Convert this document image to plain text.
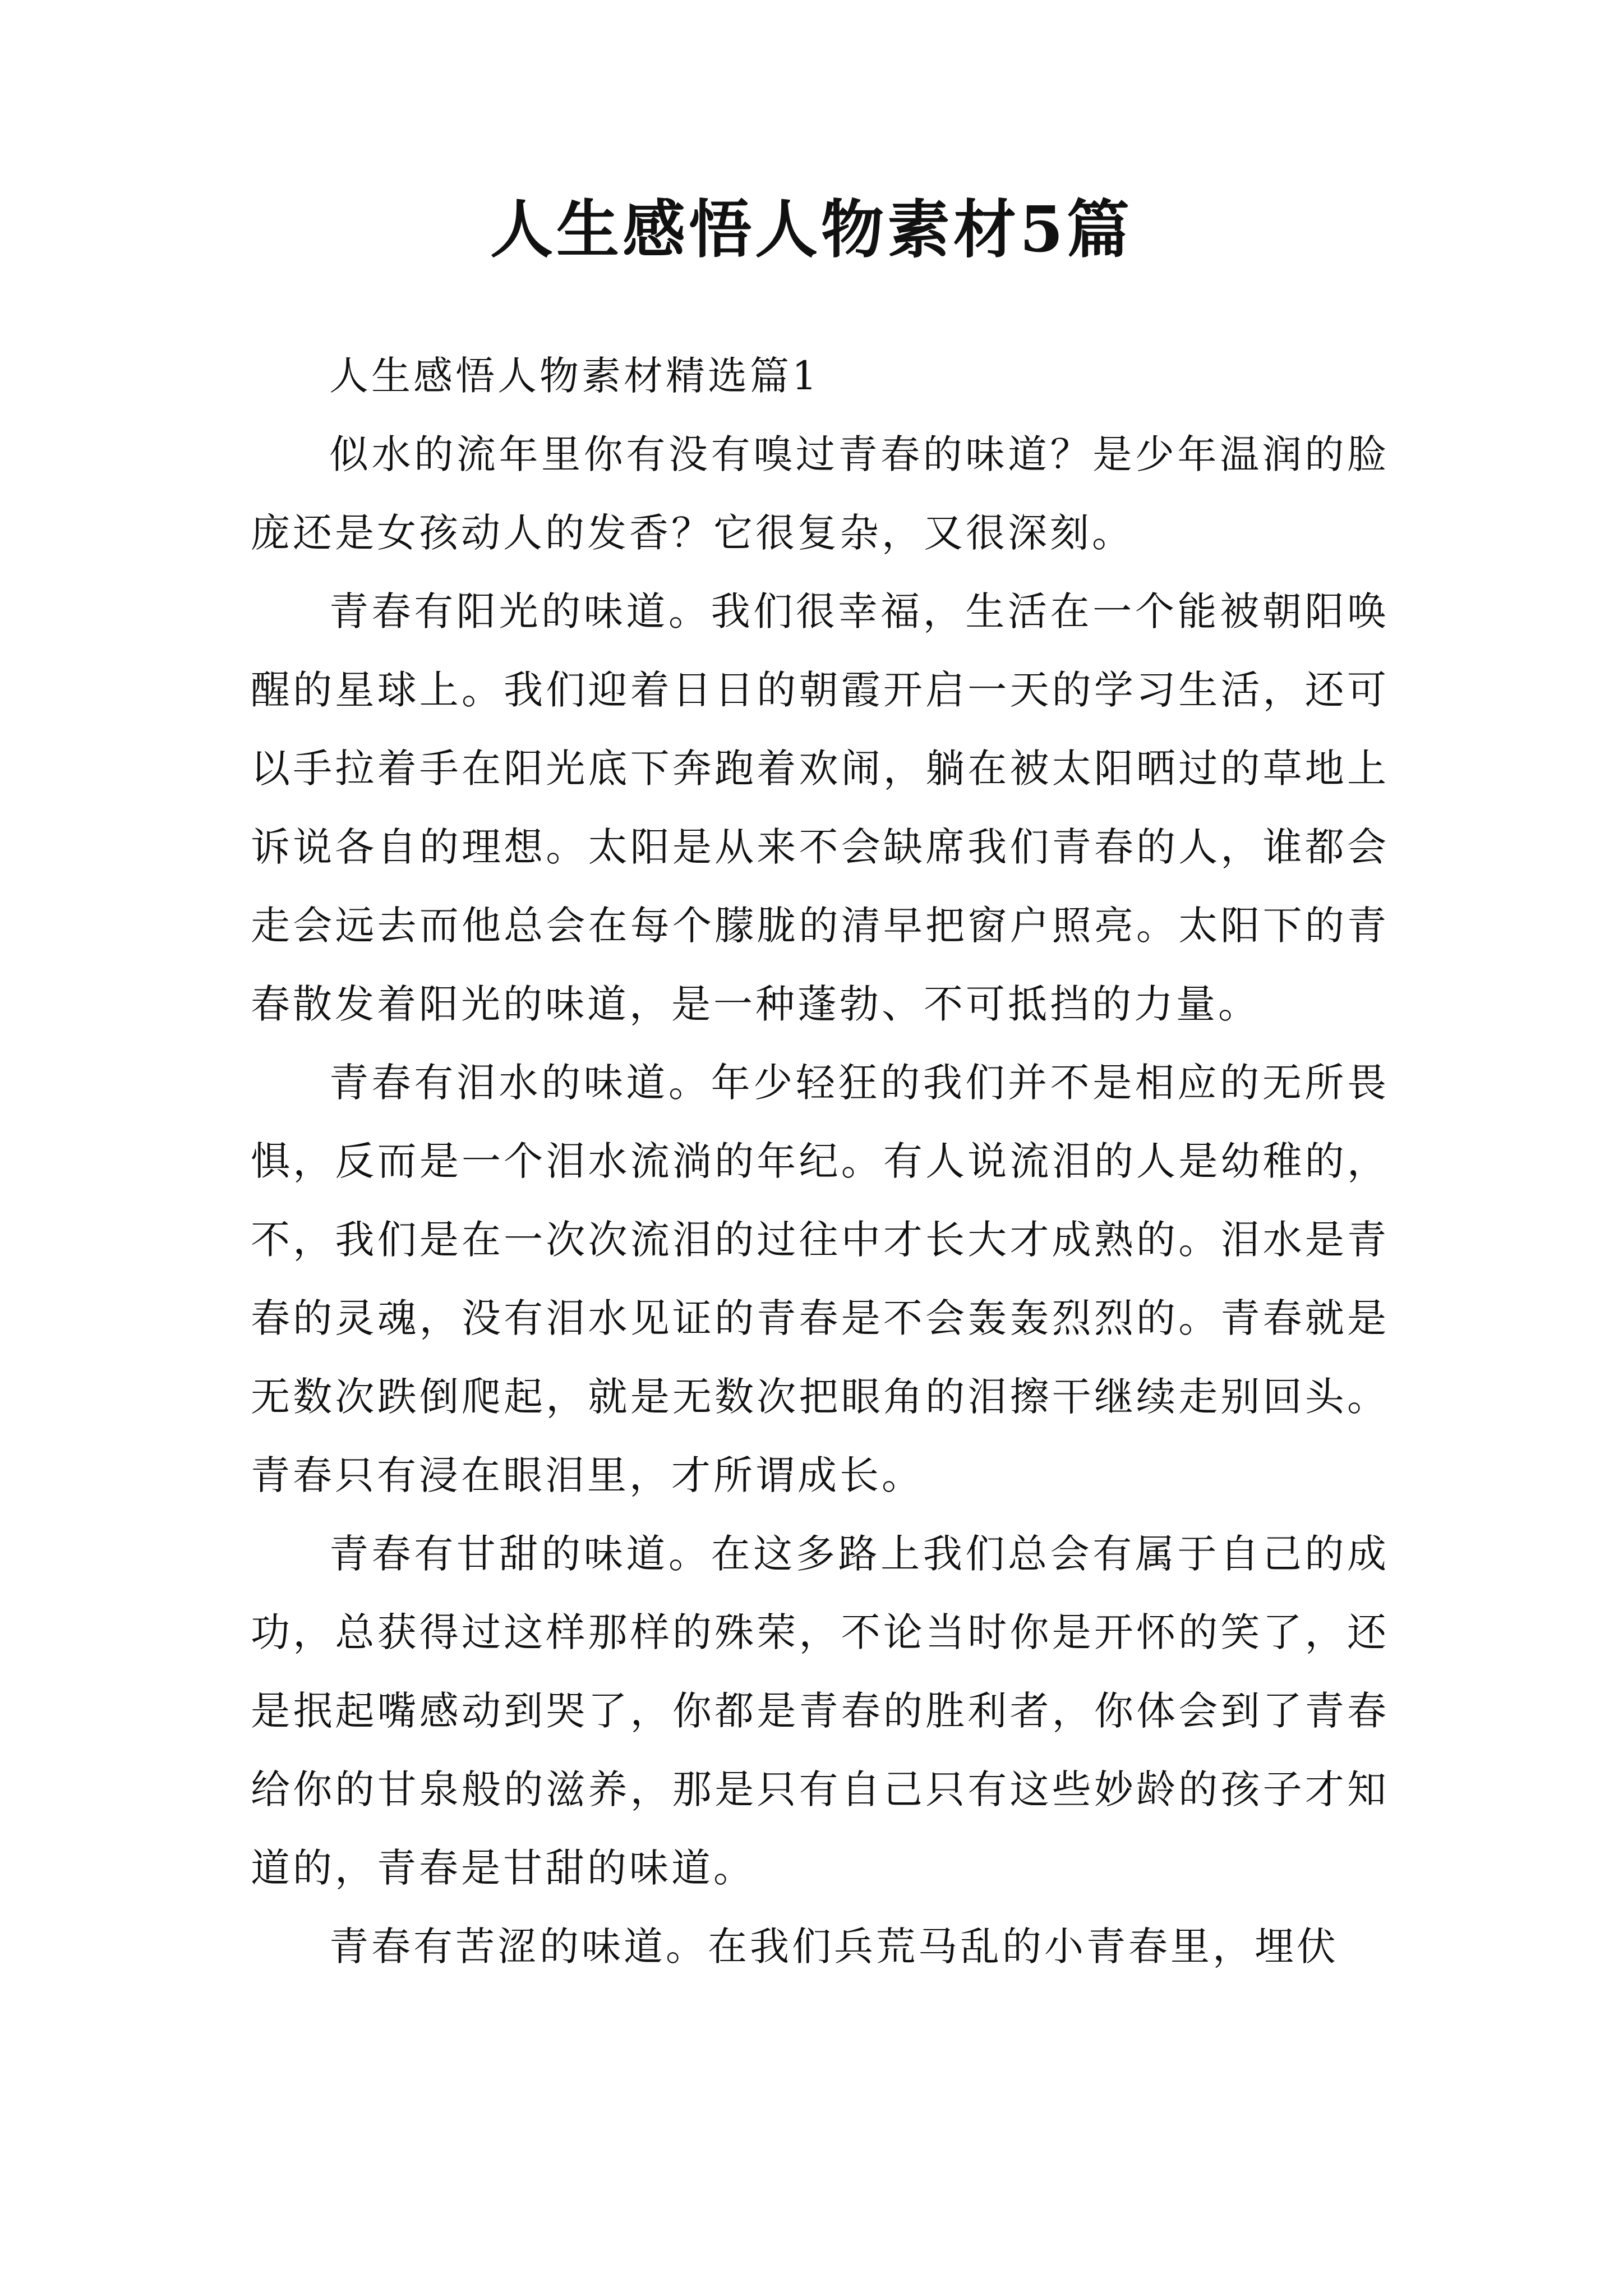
人生感悟人物素材5篇

人生感悟人物素材精选篇1

似水的流年里你有没有嗅过青春的味道？是少年温润的脸庞还是女孩动人的发香？它很复杂，又很深刻。

青春有阳光的味道。我们很幸福，生活在一个能被朝阳唤醒的星球上。我们迎着日日的朝霞开启一天的学习生活，还可以手拉着手在阳光底下奔跑着欢闹，躺在被太阳晒过的草地上诉说各自的理想。太阳是从来不会缺席我们青春的人，谁都会走会远去而他总会在每个朦胧的清早把窗户照亮。太阳下的青春散发着阳光的味道，是一种蓬勃、不可抵挡的力量。

青春有泪水的味道。年少轻狂的我们并不是相应的无所畏惧，反而是一个泪水流淌的年纪。有人说流泪的人是幼稚的，不，我们是在一次次流泪的过往中才长大才成熟的。泪水是青春的灵魂，没有泪水见证的青春是不会轰轰烈烈的。青春就是无数次跌倒爬起，就是无数次把眼角的泪擦干继续走别回头。青春只有浸在眼泪里，才所谓成长。

青春有甘甜的味道。在这多路上我们总会有属于自己的成功，总获得过这样那样的殊荣，不论当时你是开怀的笑了，还是抿起嘴感动到哭了，你都是青春的胜利者，你体会到了青春给你的甘泉般的滋养，那是只有自己只有这些妙龄的孩子才知道的，青春是甘甜的味道。

青春有苦涩的味道。在我们兵荒马乱的小青春里，埋伏
